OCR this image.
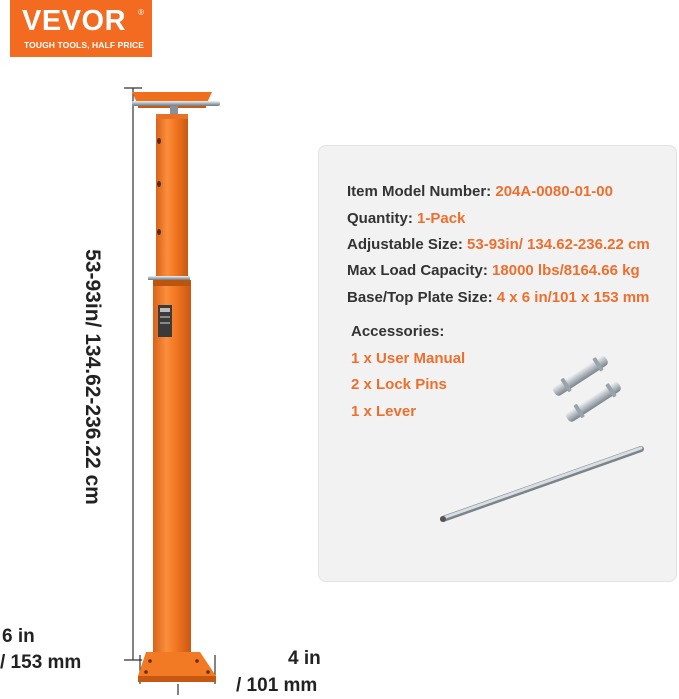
VEVOR ®
TOUGH TOOLS, HALF PRICE
53-93in/ 134.62-236.22 cm
6 in
/ 153 mm	4 in
/ 101 mm
Item Model Number: 204A-0080-01-00
Quantity: 1-Pack
Adjustable Size: 53-93in/ 134.62-236.22 cm
Max Load Capacity: 18000 lbs/8164.66 kg
Base/Top Plate Size: 4 x 6 in/101 x 153 mm
Accessories:
1 x User Manual
2 x Lock Pins
1 x Lever
